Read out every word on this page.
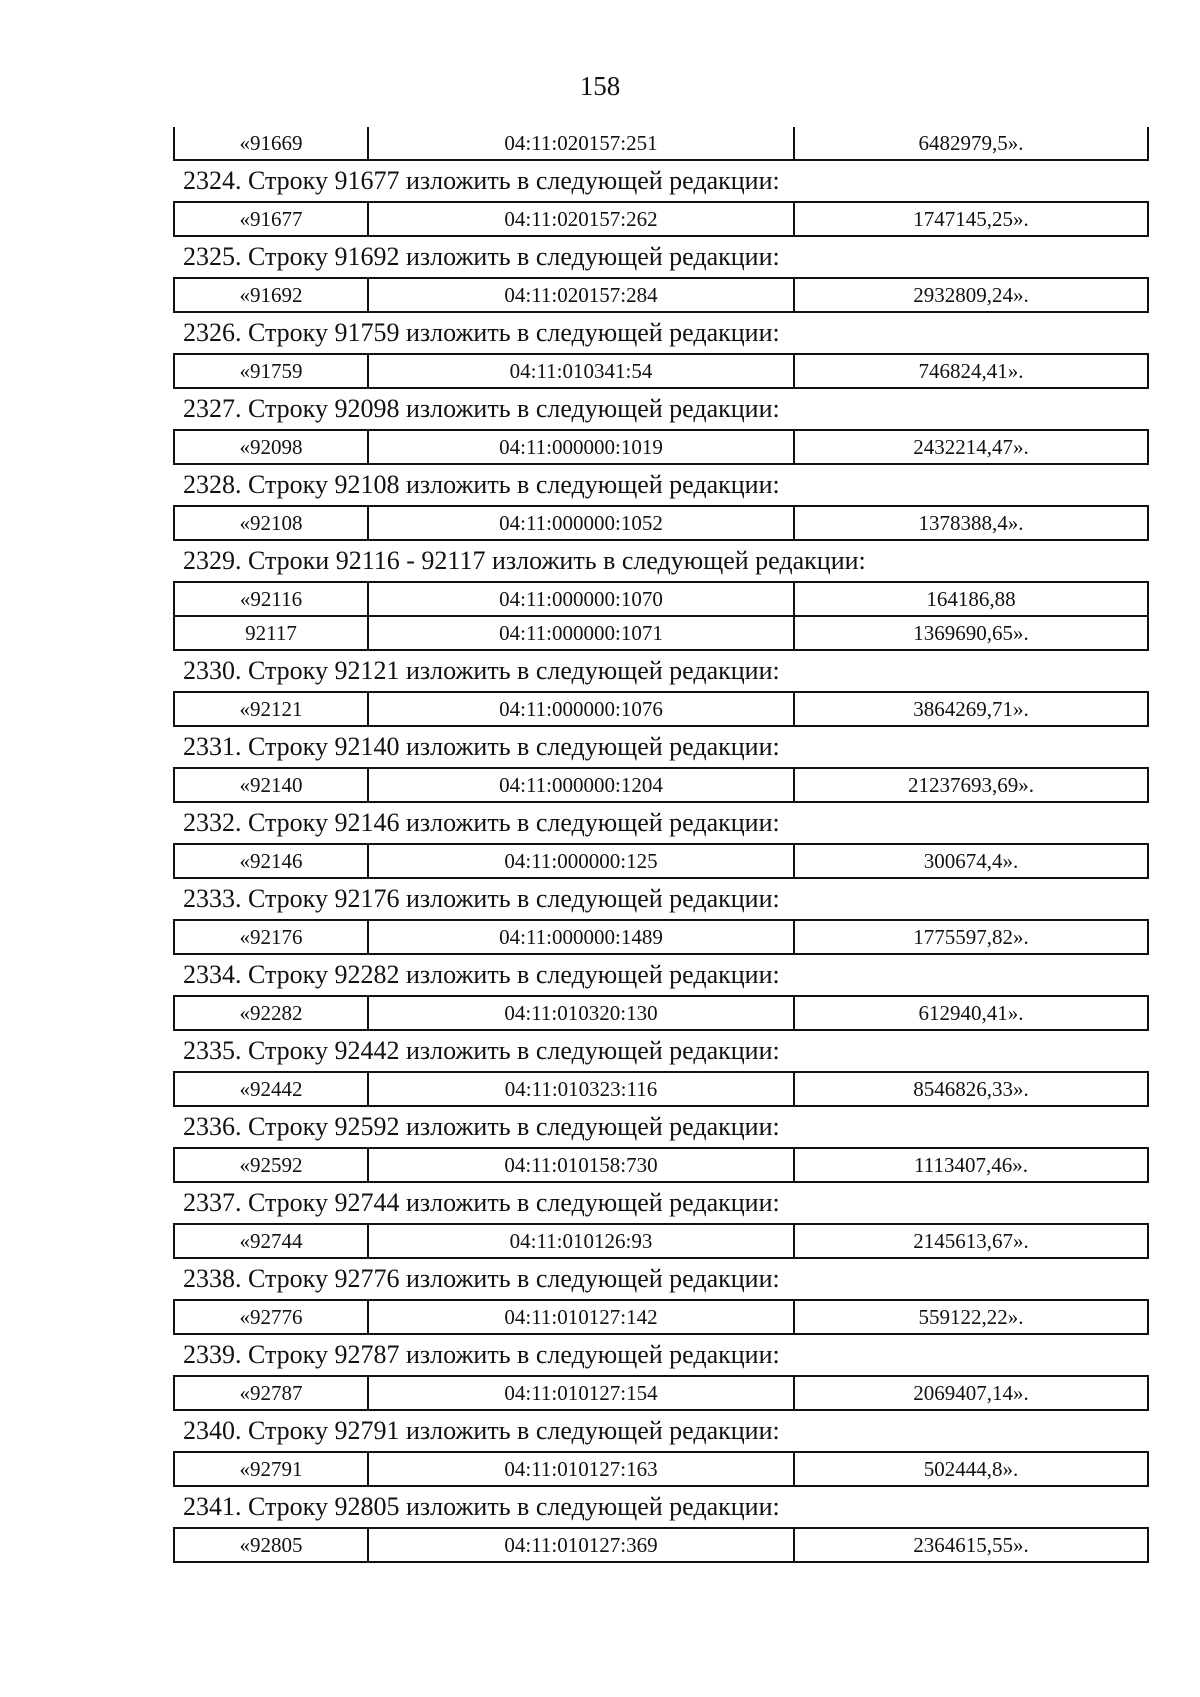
158
«91669	04:11:020157:251	6482979,5».
2324. Строку 91677 изложить в следующей редакции:
«91677	04:11:020157:262	1747145,25».
2325. Строку 91692 изложить в следующей редакции:
«91692	04:11:020157:284	2932809,24».
2326. Строку 91759 изложить в следующей редакции:
«91759	04:11:010341:54	746824,41».
2327. Строку 92098 изложить в следующей редакции:
«92098	04:11:000000:1019	2432214,47».
2328. Строку 92108 изложить в следующей редакции:
«92108	04:11:000000:1052	1378388,4».
2329. Строки 92116 - 92117 изложить в следующей редакции:
«92116	04:11:000000:1070	164186,88
92117	04:11:000000:1071	1369690,65».
2330. Строку 92121 изложить в следующей редакции:
«92121	04:11:000000:1076	3864269,71».
2331. Строку 92140 изложить в следующей редакции:
«92140	04:11:000000:1204	21237693,69».
2332. Строку 92146 изложить в следующей редакции:
«92146	04:11:000000:125	300674,4».
2333. Строку 92176 изложить в следующей редакции:
«92176	04:11:000000:1489	1775597,82».
2334. Строку 92282 изложить в следующей редакции:
«92282	04:11:010320:130	612940,41».
2335. Строку 92442 изложить в следующей редакции:
«92442	04:11:010323:116	8546826,33».
2336. Строку 92592 изложить в следующей редакции:
«92592	04:11:010158:730	1113407,46».
2337. Строку 92744 изложить в следующей редакции:
«92744	04:11:010126:93	2145613,67».
2338. Строку 92776 изложить в следующей редакции:
«92776	04:11:010127:142	559122,22».
2339. Строку 92787 изложить в следующей редакции:
«92787	04:11:010127:154	2069407,14».
2340. Строку 92791 изложить в следующей редакции:
«92791	04:11:010127:163	502444,8».
2341. Строку 92805 изложить в следующей редакции:
«92805	04:11:010127:369	2364615,55».
